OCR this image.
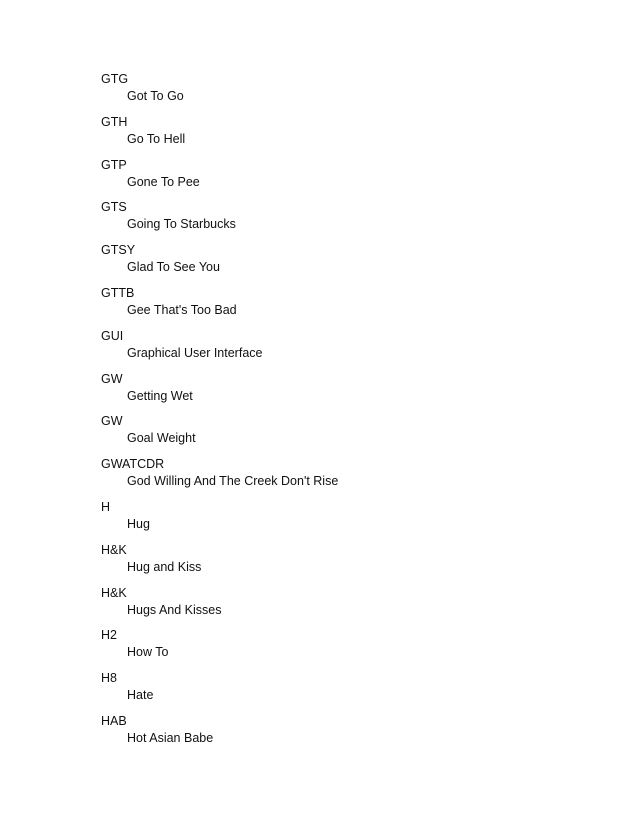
GTG
Got To Go
GTH
Go To Hell
GTP
Gone To Pee
GTS
Going To Starbucks
GTSY
Glad To See You
GTTB
Gee That's Too Bad
GUI
Graphical User Interface
GW
Getting Wet
GW
Goal Weight
GWATCDR
God Willing And The Creek Don't Rise
H
Hug
H&K
Hug and Kiss
H&K
Hugs And Kisses
H2
How To
H8
Hate
HAB
Hot Asian Babe
